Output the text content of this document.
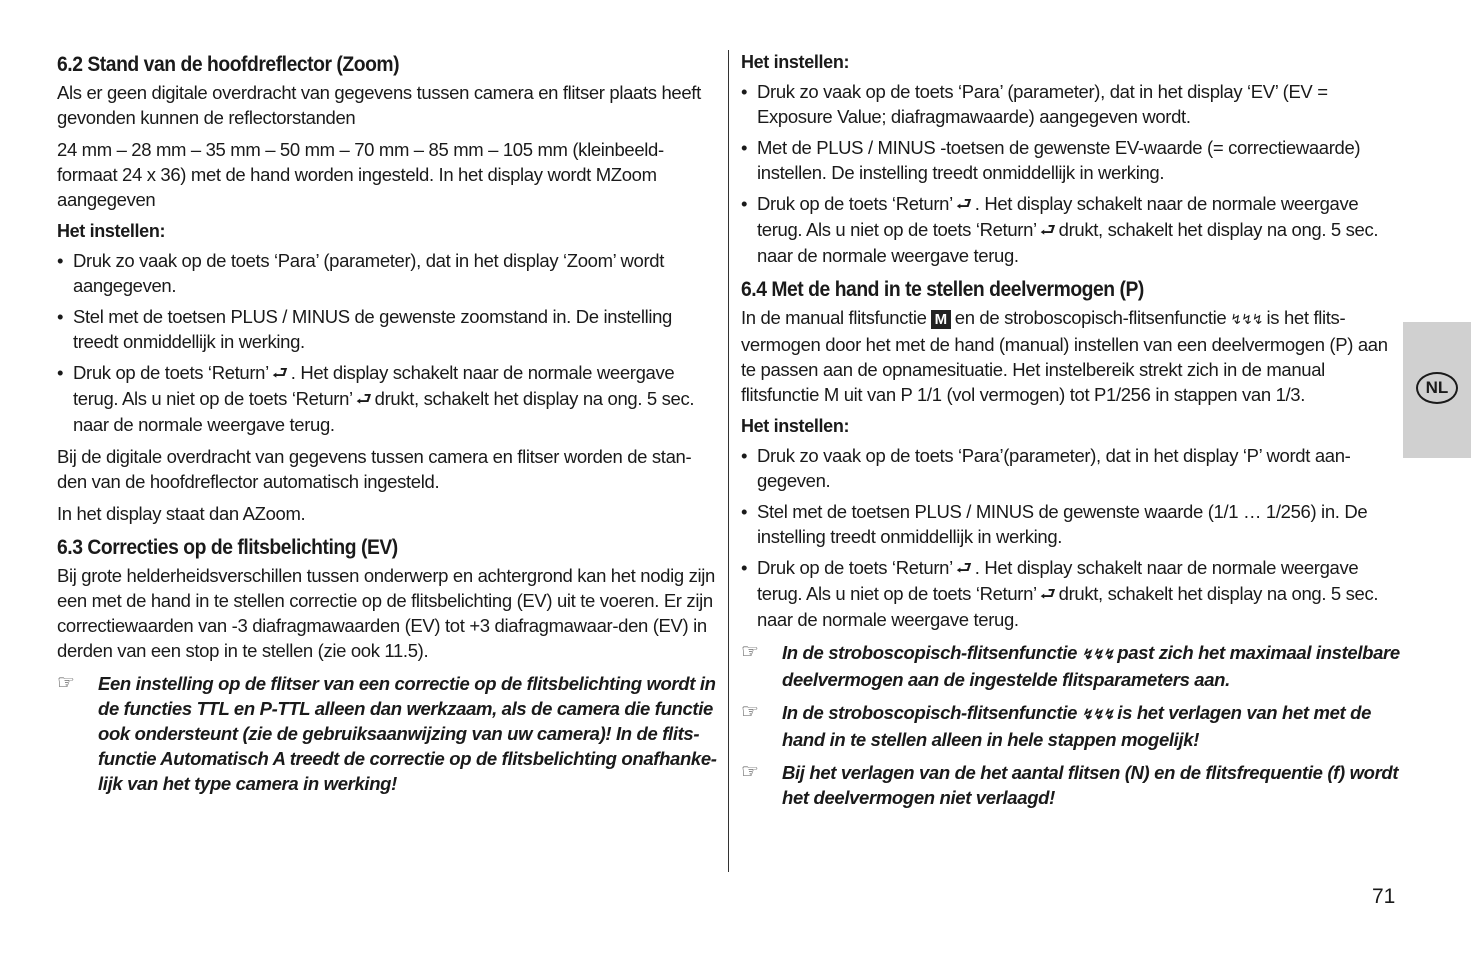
6.2 Stand van de hoofdreflector (Zoom)

Als er geen digitale overdracht van gegevens tussen camera en flitser plaats heeft gevonden kunnen de reflectorstanden

24 mm – 28 mm – 35 mm – 50 mm – 70 mm – 85 mm – 105 mm (kleinbeeld-formaat 24 x 36) met de hand worden ingesteld. In het display wordt MZoom aangegeven

Het instellen:
• Druk zo vaak op de toets ‘Para’ (parameter), dat in het display ‘Zoom’ wordt aangegeven.
• Stel met de toetsen PLUS / MINUS de gewenste zoomstand in. De instelling treedt onmiddellijk in werking.
• Druk op de toets ‘Return’ ⮐ . Het display schakelt naar de normale weergave terug. Als u niet op de toets ‘Return’ ⮐ drukt, schakelt het display na ong. 5 sec. naar de normale weergave terug.

Bij de digitale overdracht van gegevens tussen camera en flitser worden de stan-den van de hoofdreflector automatisch ingesteld.

In het display staat dan AZoom.

6.3 Correcties op de flitsbelichting (EV)

Bij grote helderheidsverschillen tussen onderwerp en achtergrond kan het nodig zijn een met de hand in te stellen correctie op de flitsbelichting (EV) uit te voeren. Er zijn correctiewaarden van -3 diafragmawaarden (EV) tot +3 diafragmawaar-den (EV) in derden van een stop in te stellen (zie ook 11.5).

☞ Een instelling op de flitser van een correctie op de flitsbelichting wordt in de functies TTL en P-TTL alleen dan werkzaam, als de camera die functie ook ondersteunt (zie de gebruiksaanwijzing van uw camera)! In de flits-functie Automatisch A treedt de correctie op de flitsbelichting onafhanke-lijk van het type camera in werking!
Het instellen:
• Druk zo vaak op de toets ‘Para’ (parameter), dat in het display ‘EV’ (EV = Exposure Value; diafragmawaarde) aangegeven wordt.
• Met de PLUS / MINUS -toetsen de gewenste EV-waarde (= correctiewaarde) instellen. De instelling treedt onmiddellijk in werking.
• Druk op de toets ‘Return’ ⮐ . Het display schakelt naar de normale weergave terug. Als u niet op de toets ‘Return’ ⮐ drukt, schakelt het display na ong. 5 sec. naar de normale weergave terug.
6.4 Met de hand in te stellen deelvermogen (P)

In de manual flitsfunctie M en de stroboscopisch-flitsenfunctie ↯↯↯ is het flits-vermogen door het met de hand (manual) instellen van een deelvermogen (P) aan te passen aan de opnamesituatie. Het instelbereik strekt zich in de manual flitsfunctie M uit van P 1/1 (vol vermogen) tot P1/256 in stappen van 1/3.

Het instellen:
• Druk zo vaak op de toets ‘Para’(parameter), dat in het display ‘P’ wordt aan-gegeven.
• Stel met de toetsen PLUS / MINUS de gewenste waarde (1/1 … 1/256) in. De instelling treedt onmiddellijk in werking.
• Druk op de toets ‘Return’ ⮐ . Het display schakelt naar de normale weergave terug. Als u niet op de toets ‘Return’ ⮐ drukt, schakelt het display na ong. 5 sec. naar de normale weergave terug.
☞ In de stroboscopisch-flitsenfunctie ↯↯↯ past zich het maximaal instelbare deelvermogen aan de ingestelde flitsparameters aan.
☞ In de stroboscopisch-flitsenfunctie ↯↯↯ is het verlagen van het met de hand in te stellen alleen in hele stappen mogelijk!
☞ Bij het verlagen van de het aantal flitsen (N) en de flitsfrequentie (f) wordt het deelvermogen niet verlaagd!
NL
71
